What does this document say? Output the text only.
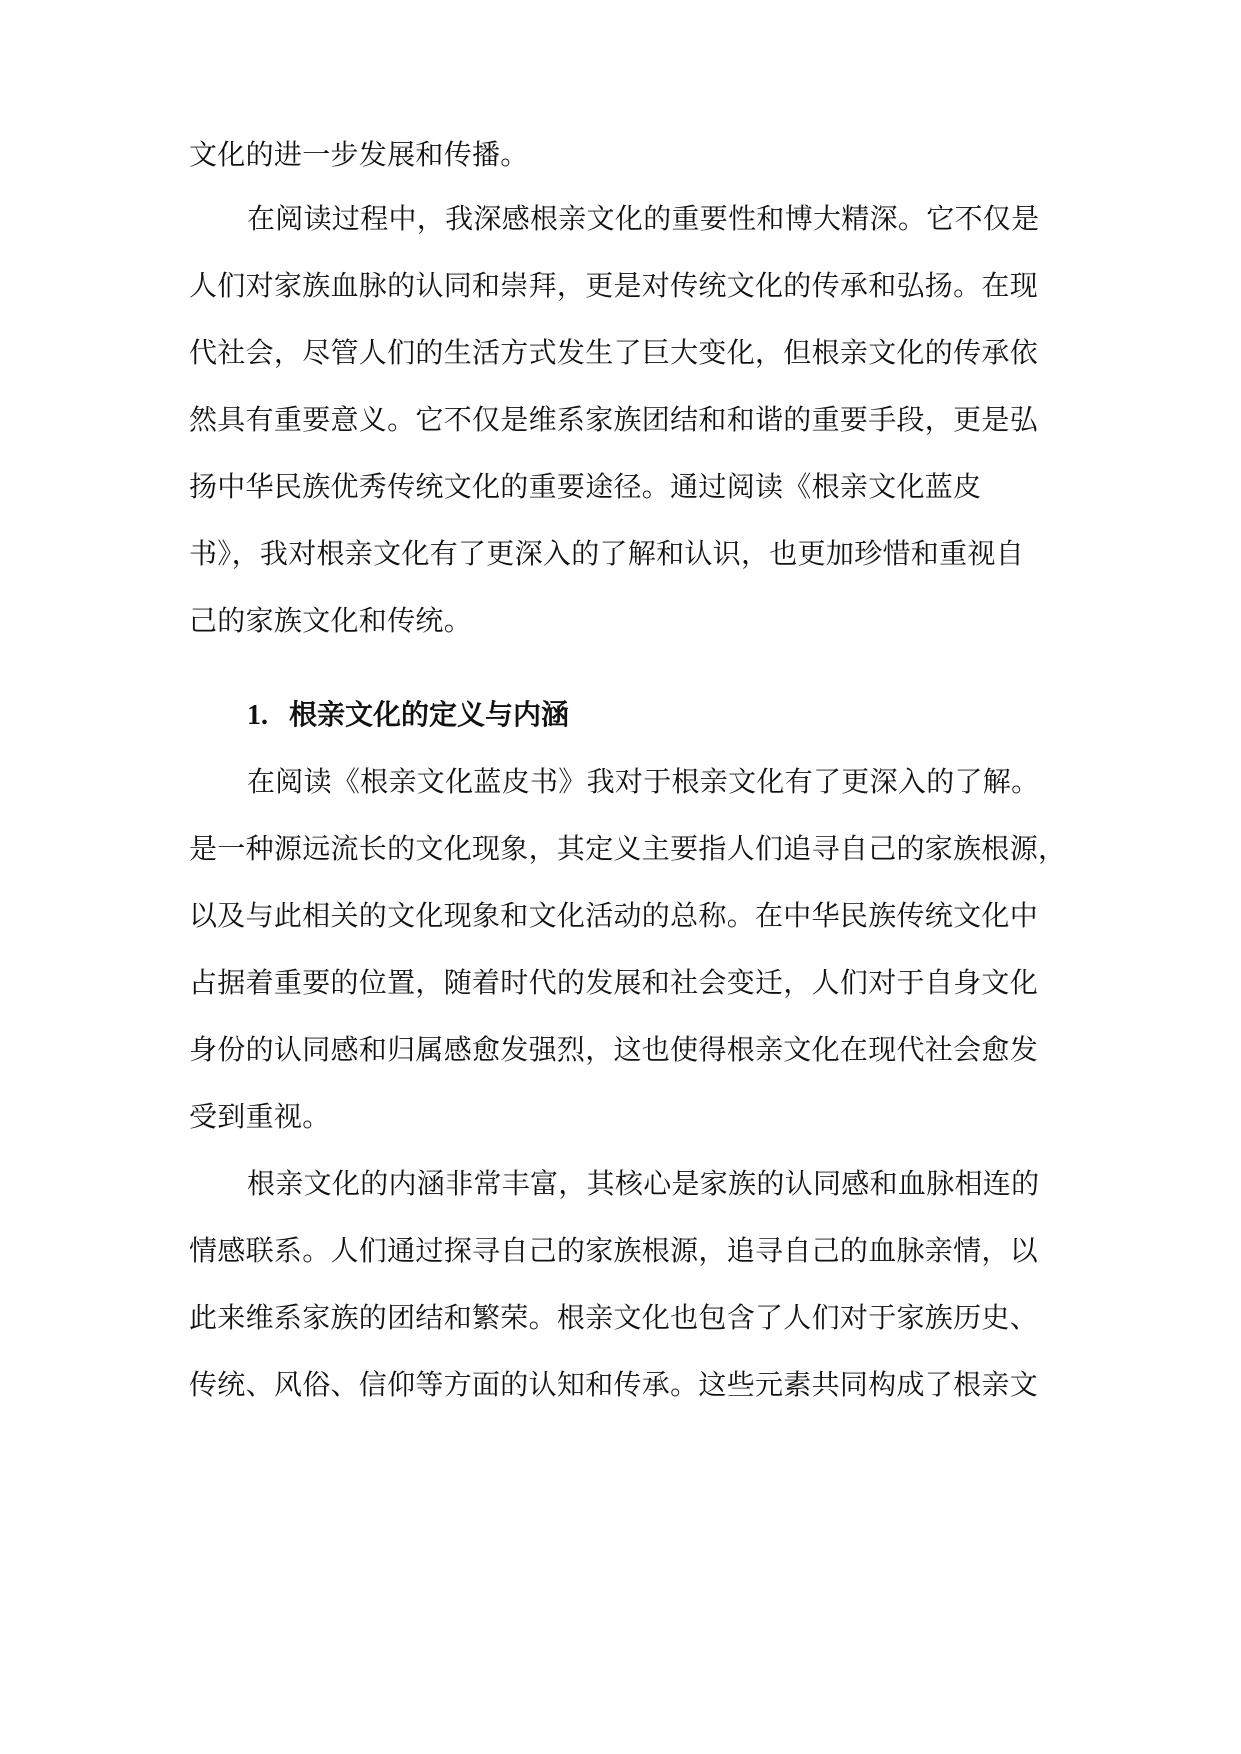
文化的进一步发展和传播。
在阅读过程中，我深感根亲文化的重要性和博大精深。它不仅是
人们对家族血脉的认同和崇拜，更是对传统文化的传承和弘扬。在现
代社会，尽管人们的生活方式发生了巨大变化，但根亲文化的传承依
然具有重要意义。它不仅是维系家族团结和和谐的重要手段，更是弘
扬中华民族优秀传统文化的重要途径。通过阅读《根亲文化蓝皮
书》，我对根亲文化有了更深入的了解和认识，也更加珍惜和重视自
己的家族文化和传统。
1. 根亲文化的定义与内涵
在阅读《根亲文化蓝皮书》我对于根亲文化有了更深入的了解。
是一种源远流长的文化现象，其定义主要指人们追寻自己的家族根源，
以及与此相关的文化现象和文化活动的总称。在中华民族传统文化中
占据着重要的位置，随着时代的发展和社会变迁，人们对于自身文化
身份的认同感和归属感愈发强烈，这也使得根亲文化在现代社会愈发
受到重视。
根亲文化的内涵非常丰富，其核心是家族的认同感和血脉相连的
情感联系。人们通过探寻自己的家族根源，追寻自己的血脉亲情，以
此来维系家族的团结和繁荣。根亲文化也包含了人们对于家族历史、
传统、风俗、信仰等方面的认知和传承。这些元素共同构成了根亲文
